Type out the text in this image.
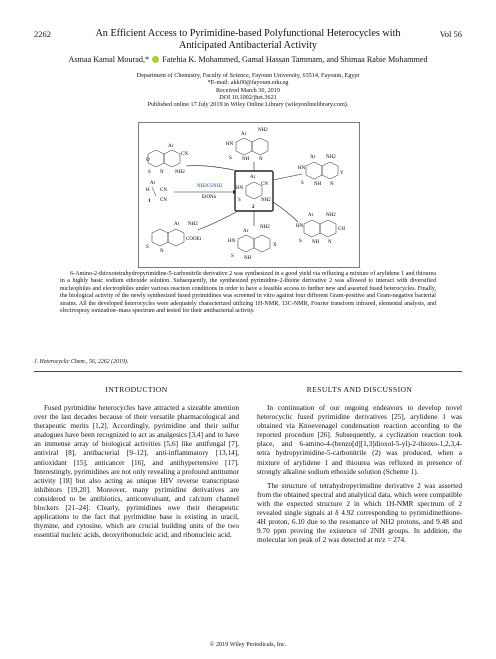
2262	An Efficient Access to Pyrimidine-based Polyfunctional Heterocycles with
Anticipated Antibacterial Activity
Vol 56
Asmaa Kamal Mourad,* Fatehia K. Mohammed, Gamal Hassan Tammam, and Shimaa Rabie Mohammed
Department of Chemistry, Faculty of Science, Fayoum University, 63514, Fayoum, Egypt
*E-mail: akk00@fayoum.edu.eg
Received March 30, 2019
DOI 10.1002/jhet.3621
Published online 17 July 2019 in Wiley Online Library (wileyonlinelibrary.com).
Ar
CN
HN
S	NH2
2
Ar
CN
O
S N NH2
Ar
NH2
HN
S NH N	Ar NH2
HN
Y
S NH N
Ar
H CN
CN
1
NH2CSNH2
EtONa
Ar NH2
COOEt
S
N
Ar
NH2
HN
S NH
X
Ar	NH2
HN
CH
S NH N
6-Amino-2-thioxotetrahydropyrimidine-5-carbonitrile derivative 2 was synthesized in a good yield via refluxing a mixture of arylidene 1 and thiourea in a highly basic sodium ethoxide solution. Subsequently, the synthesized pyrimidine-2-thione derivative 2 was allowed to interact with diversified nucleophiles and electrophiles under various reaction conditions in order to have a feasible access to further new and assorted fused heterocycles. Finally, the biological activity of the newly synthesized fused pyrimidines was screened in vitro against four different Gram-positive and Gram-negative bacterial strains. All the developed heterocycles were adequately characterized utilizing 1H-NMR, 13C-NMR, Fourier transform infrared, elemental analysis, and electrospray ionization–mass spectrum and tested for their antibacterial activity.
J. Heterocyclic Chem., 56, 2262 (2019).
INTRODUCTION	RESULTS AND DISCUSSION

Fused pyrimidine heterocycles have attracted a sizeable attention over the last decades because of their versatile pharmacological and therapeutic merits [1,2]. Accordingly, pyrimidine and their sulfur analogues have been recognized to act as analgesics [3,4] and to have an immense array of biological activities [5,6] like antifungal [7], antiviral [8], antibacterial [9–12], anti-inflammatory [13,14], antioxidant [15], anticancer [16], and antihypertensive [17]. Interestingly, pyrimidines are not only revealing a profound antitumor activity [18] but also acting as unique HIV reverse transcriptase inhibitors [19,20]. Moreover, many pyrimidine derivatives are considered to be antibiotics, anticonvulsant, and calcium channel blockers [21–24]. Clearly, pyrimidines owe their therapeutic applications to the fact that pyrimidine base is existing in uracil, thymine, and cytosine, which are crucial building units of the two essential nucleic acids, deoxyribonucleic acid, and ribonucleic acid.

In continuation of our ongoing endeavors to develop novel heterocyclic fused pyrimidine derivatives [25], arylidene 1 was obtained via Knoevenagel condensation reaction according to the reported procedure [26]. Subsequently, a cyclization reaction took place, and 6-amino-4-(benzo[d][1,3]dioxol-5-yl)-2-thioxo-1,2,3,4-tetra hydropyrimidine-5-carbonitrile (2) was produced, when a mixture of arylidene 1 and thiourea was refluxed in presence of strongly alkaline sodium ethoxide solution (Scheme 1).

The structure of tetrahydropyrimidine derivative 2 was asserted from the obtained spectral and analytical data, which were compatible with the expected structure 2 in which 1H-NMR spectrum of 2 revealed single signals at δ 4.92 corresponding to pyrimidinethione-4H proton, 6.10 due to the resonance of NH2 protons, and 9.48 and 9.70 ppm proving the existence of 2NH groups. In addition, the molecular ion peak of 2 was detected at m/z = 274.

© 2019 Wiley Periodicals, Inc.
